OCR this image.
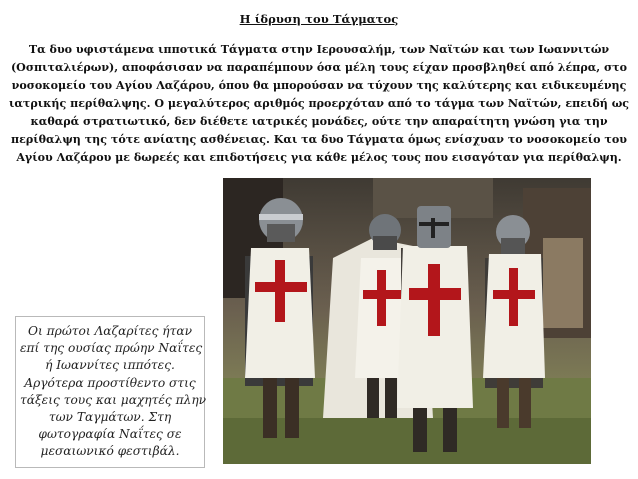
Η ίδρυση του Τάγματος
Τα δυο υφιστάμενα ιπποτικά Τάγματα στην Ιερουσαλήμ, των Ναϊτών και των Ιωαννιτών
(Οσπιταλιέρων), αποφάσισαν να παραπέμπουν όσα μέλη τους είχαν προσβληθεί από λέπρα, στο
νοσοκομείο του Αγίου Λαζάρου, όπου θα μπορούσαν να τύχουν της καλύτερης και ειδικευμένης
ιατρικής περίθαλψης. Ο μεγαλύτερος αριθμός προερχόταν από το τάγμα των Ναϊτών, επειδή ως
καθαρά στρατιωτικό, δεν διέθετε ιατρικές μονάδες, ούτε την απαραίτητη γνώση για την
περίθαλψη της τότε ανίατης ασθένειας. Και τα δυο Τάγματα όμως ενίσχυαν το νοσοκομείο του
Αγίου Λαζάρου με δωρεές και επιδοτήσεις για κάθε μέλος τους που εισαγόταν για περίθαλψη.
Οι πρώτοι Λαζαρίτες ήταν
επί της ουσίας πρώην Ναΐτες
ή Ιωαννίτες ιππότες.
Αργότερα προστίθεντο στις
τάξεις τους και μαχητές πλην
των Ταγμάτων. Στη
φωτογραφία Ναΐτες σε
μεσαιωνικό φεστιβάλ.
